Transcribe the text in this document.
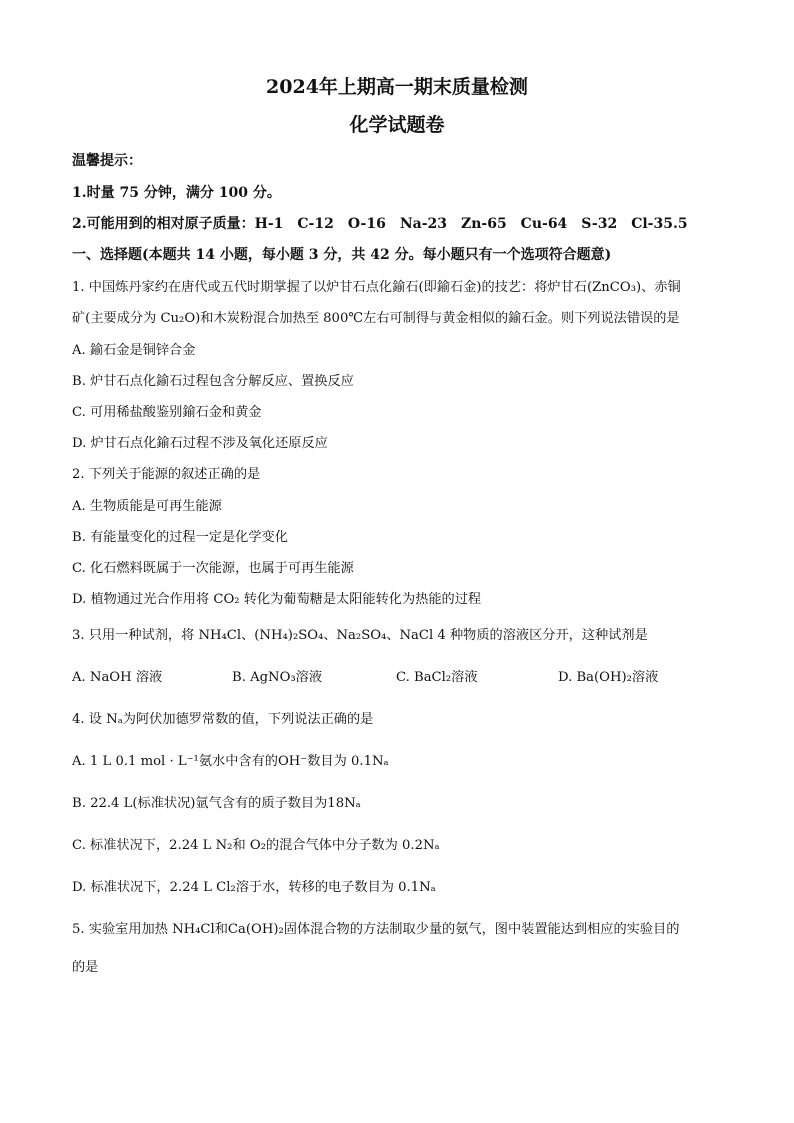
2024年上期高一期末质量检测
化学试题卷
温馨提示：
1.时量 75 分钟，满分 100 分。
2.可能用到的相对原子质量：H-1　C-12　O-16　Na-23　Zn-65　Cu-64　S-32　Cl-35.5
一、选择题(本题共 14 小题，每小题 3 分，共 42 分。每小题只有一个选项符合题意)
1. 中国炼丹家约在唐代或五代时期掌握了以炉甘石点化鍮石(即鍮石金)的技艺：将炉甘石(ZnCO₃)、赤铜
矿(主要成分为 Cu₂O)和木炭粉混合加热至 800℃左右可制得与黄金相似的鍮石金。则下列说法错误的是
A. 鍮石金是铜锌合金
B. 炉甘石点化鍮石过程包含分解反应、置换反应
C. 可用稀盐酸鉴别鍮石金和黄金
D. 炉甘石点化鍮石过程不涉及氧化还原反应
2. 下列关于能源的叙述正确的是
A. 生物质能是可再生能源
B. 有能量变化的过程一定是化学变化
C. 化石燃料既属于一次能源，也属于可再生能源
D. 植物通过光合作用将 CO₂ 转化为葡萄糖是太阳能转化为热能的过程
3. 只用一种试剂，将 NH₄Cl、(NH₄)₂SO₄、Na₂SO₄、NaCl 4 种物质的溶液区分开，这种试剂是
A. NaOH 溶液	B. AgNO₃溶液	C. BaCl₂溶液	D. Ba(OH)₂溶液
4. 设 Nₐ为阿伏加德罗常数的值，下列说法正确的是
A. 1 L 0.1 mol · L⁻¹氨水中含有的OH⁻数目为 0.1Nₐ
B. 22.4 L(标准状况)氩气含有的质子数目为18Nₐ
C. 标准状况下，2.24 L N₂和 O₂的混合气体中分子数为 0.2Nₐ
D. 标准状况下，2.24 L Cl₂溶于水，转移的电子数目为 0.1Nₐ
5. 实验室用加热 NH₄Cl和Ca(OH)₂固体混合物的方法制取少量的氨气，图中装置能达到相应的实验目的
的是
